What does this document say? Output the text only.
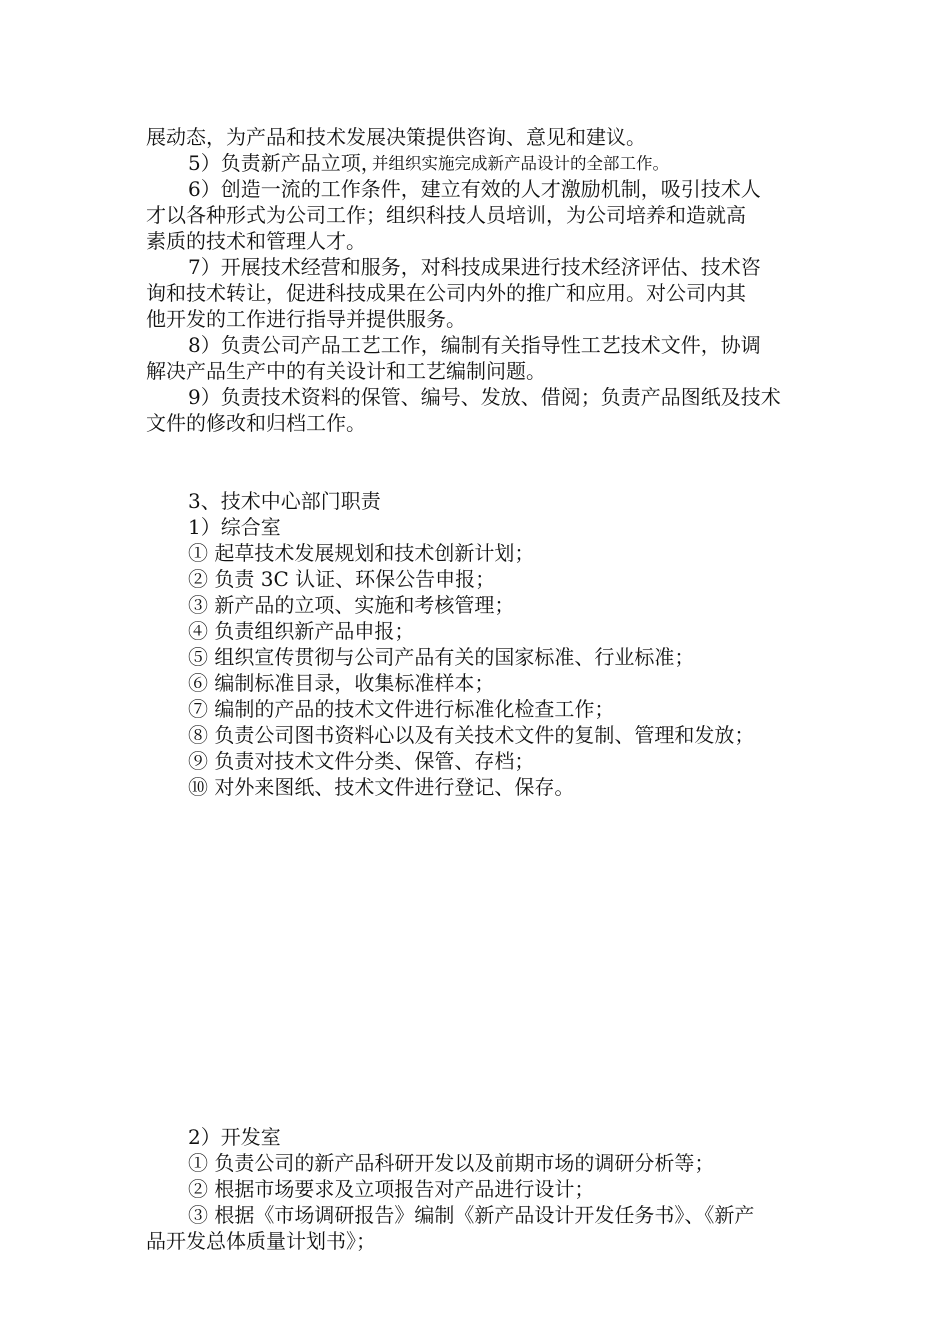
展动态，为产品和技术发展决策提供咨询、意见和建议。
5）负责新产品立项，
并组织实施完成新产品设计的全部工作。
6）创造一流的工作条件，建立有效的人才激励机制，吸引技术人
才以各种形式为公司工作；组织科技人员培训，为公司培养和造就高
素质的技术和管理人才。
7）开展技术经营和服务，对科技成果进行技术经济评估、技术咨
询和技术转让，促进科技成果在公司内外的推广和应用。对公司内其
他开发的工作进行指导并提供服务。
8）负责公司产品工艺工作，编制有关指导性工艺技术文件，协调
解决产品生产中的有关设计和工艺编制问题。
9）负责技术资料的保管、编号、发放、借阅；负责产品图纸及技术
文件的修改和归档工作。
3、技术中心部门职责
1）综合室
① 起草技术发展规划和技术创新计划；
② 负责 3C 认证、环保公告申报；
③ 新产品的立项、实施和考核管理；
④ 负责组织新产品申报；
⑤ 组织宣传贯彻与公司产品有关的国家标准、行业标准；
⑥ 编制标准目录，收集标准样本；
⑦ 编制的产品的技术文件进行标准化检查工作；
⑧ 负责公司图书资料心以及有关技术文件的复制、管理和发放；
⑨ 负责对技术文件分类、保管、存档；
⑩ 对外来图纸、技术文件进行登记、保存。
2）开发室
① 负责公司的新产品科研开发以及前期市场的调研分析等；
② 根据市场要求及立项报告对产品进行设计；
③ 根据《市场调研报告》编制《新产品设计开发任务书》、《新产
品开发总体质量计划书》；
